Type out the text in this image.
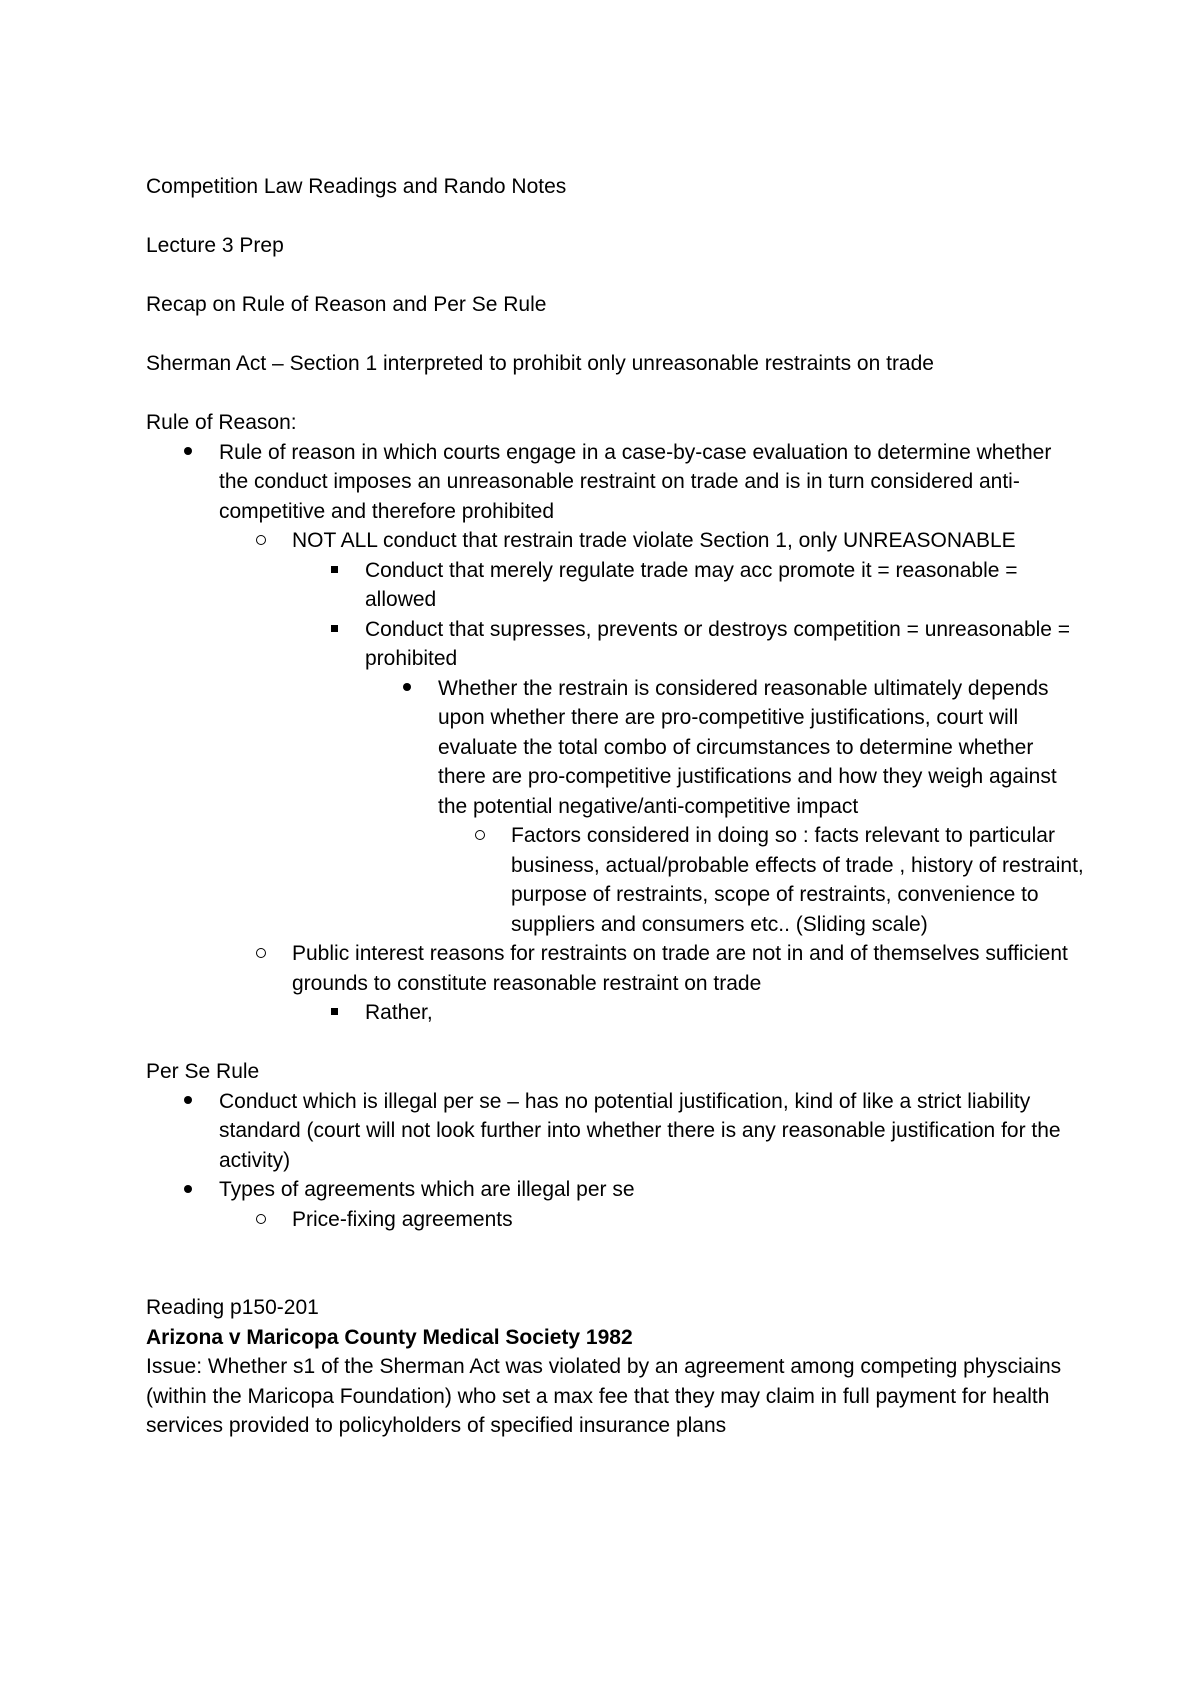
Competition Law Readings and Rando Notes

Lecture 3 Prep

Recap on Rule of Reason and Per Se Rule

Sherman Act – Section 1 interpreted to prohibit only unreasonable restraints on trade

Rule of Reason:

Rule of reason in which courts engage in a case-by-case evaluation to determine whether the conduct imposes an unreasonable restraint on trade and is in turn considered anti-competitive and therefore prohibited
NOT ALL conduct that restrain trade violate Section 1, only UNREASONABLE
Conduct that merely regulate trade may acc promote it = reasonable = allowed
Conduct that supresses, prevents or destroys competition = unreasonable = prohibited
Whether the restrain is considered reasonable ultimately depends upon whether there are pro-competitive justifications, court will evaluate the total combo of circumstances to determine whether there are pro-competitive justifications and how they weigh against the potential negative/anti-competitive impact
Factors considered in doing so : facts relevant to particular business, actual/probable effects of trade , history of restraint, purpose of restraints, scope of restraints, convenience to suppliers and consumers etc.. (Sliding scale)
Public interest reasons for restraints on trade are not in and of themselves sufficient grounds to constitute reasonable restraint on trade
Rather,

Per Se Rule

Conduct which is illegal per se – has no potential justification, kind of like a strict liability standard (court will not look further into whether there is any reasonable justification for the activity)
Types of agreements which are illegal per se
Price-fixing agreements

Reading p150-201

Arizona v Maricopa County Medical Society 1982

Issue: Whether s1 of the Sherman Act was violated by an agreement among competing physciains (within the Maricopa Foundation) who set a max fee that they may claim in full payment for health services provided to policyholders of specified insurance plans
